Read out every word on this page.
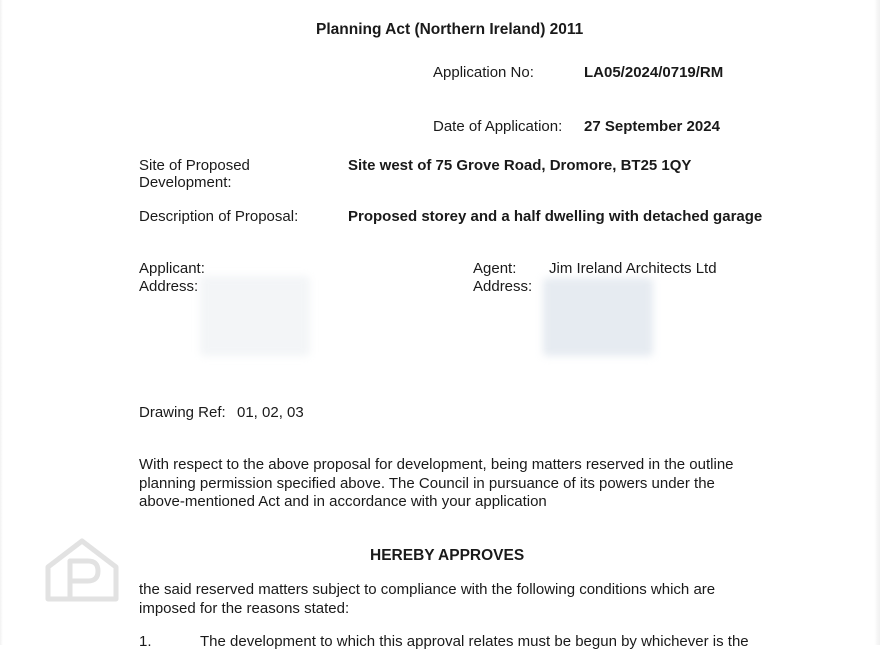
Planning Act (Northern Ireland) 2011
Application No:	LA05/2024/0719/RM
Date of Application: 27 September 2024
Site of Proposed
Development:
Site west of 75 Grove Road, Dromore, BT25 1QY
Description of Proposal:	Proposed storey and a half dwelling with detached garage
Applicant:
Address:
Agent: Jim Ireland Architects Ltd
Address:
Drawing Ref: 01, 02, 03
With respect to the above proposal for development, being matters reserved in the outline planning permission specified above. The Council in pursuance of its powers under the above-mentioned Act and in accordance with your application
HEREBY APPROVES
the said reserved matters subject to compliance with the following conditions which are imposed for the reasons stated:
1.	The development to which this approval relates must be begun by whichever is the
